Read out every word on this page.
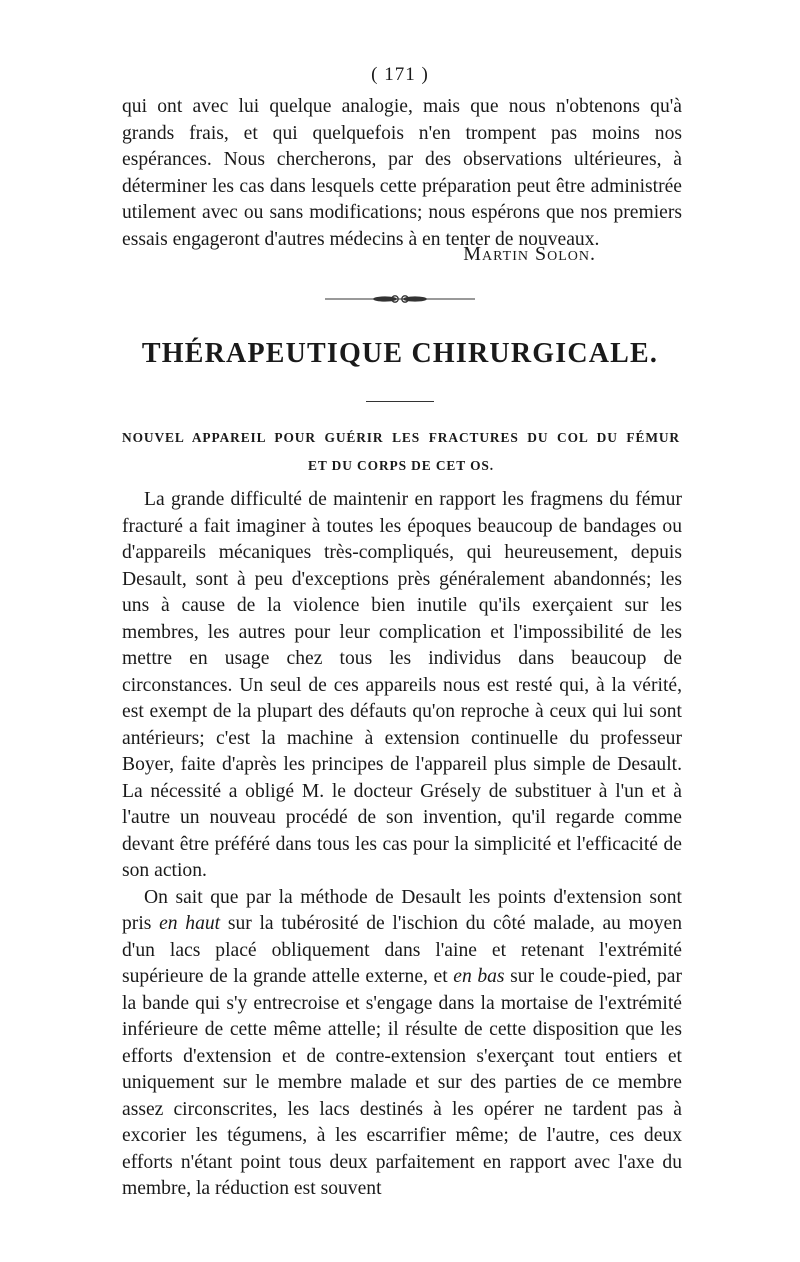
( 171 )

qui ont avec lui quelque analogie, mais que nous n'obtenons qu'à grands frais, et qui quelquefois n'en trompent pas moins nos espérances. Nous chercherons, par des observations ultérieures, à déterminer les cas dans lesquels cette préparation peut être administrée utilement avec ou sans modifications; nous espérons que nos premiers essais engageront d'autres médecins à en tenter de nouveaux.

Martin Solon.
THÉRAPEUTIQUE CHIRURGICALE.
NOUVEL APPAREIL POUR GUÉRIR LES FRACTURES DU COL DU FÉMUR
ET DU CORPS DE CET OS.

La grande difficulté de maintenir en rapport les fragmens du fémur fracturé a fait imaginer à toutes les époques beaucoup de bandages ou d'appareils mécaniques très-compliqués, qui heureusement, depuis Desault, sont à peu d'exceptions près généralement abandonnés; les uns à cause de la violence bien inutile qu'ils exerçaient sur les membres, les autres pour leur complication et l'impossibilité de les mettre en usage chez tous les individus dans beaucoup de circonstances. Un seul de ces appareils nous est resté qui, à la vérité, est exempt de la plupart des défauts qu'on reproche à ceux qui lui sont antérieurs; c'est la machine à extension continuelle du professeur Boyer, faite d'après les principes de l'appareil plus simple de Desault. La nécessité a obligé M. le docteur Grésely de substituer à l'un et à l'autre un nouveau procédé de son invention, qu'il regarde comme devant être préféré dans tous les cas pour la simplicité et l'efficacité de son action.

On sait que par la méthode de Desault les points d'extension sont pris en haut sur la tubérosité de l'ischion du côté malade, au moyen d'un lacs placé obliquement dans l'aine et retenant l'extrémité supérieure de la grande attelle externe, et en bas sur le coude-pied, par la bande qui s'y entrecroise et s'engage dans la mortaise de l'extrémité inférieure de cette même attelle; il résulte de cette disposition que les efforts d'extension et de contre-extension s'exerçant tout entiers et uniquement sur le membre malade et sur des parties de ce membre assez circonscrites, les lacs destinés à les opérer ne tardent pas à excorier les tégumens, à les escarrifier même; de l'autre, ces deux efforts n'étant point tous deux parfaitement en rapport avec l'axe du membre, la réduction est souvent
